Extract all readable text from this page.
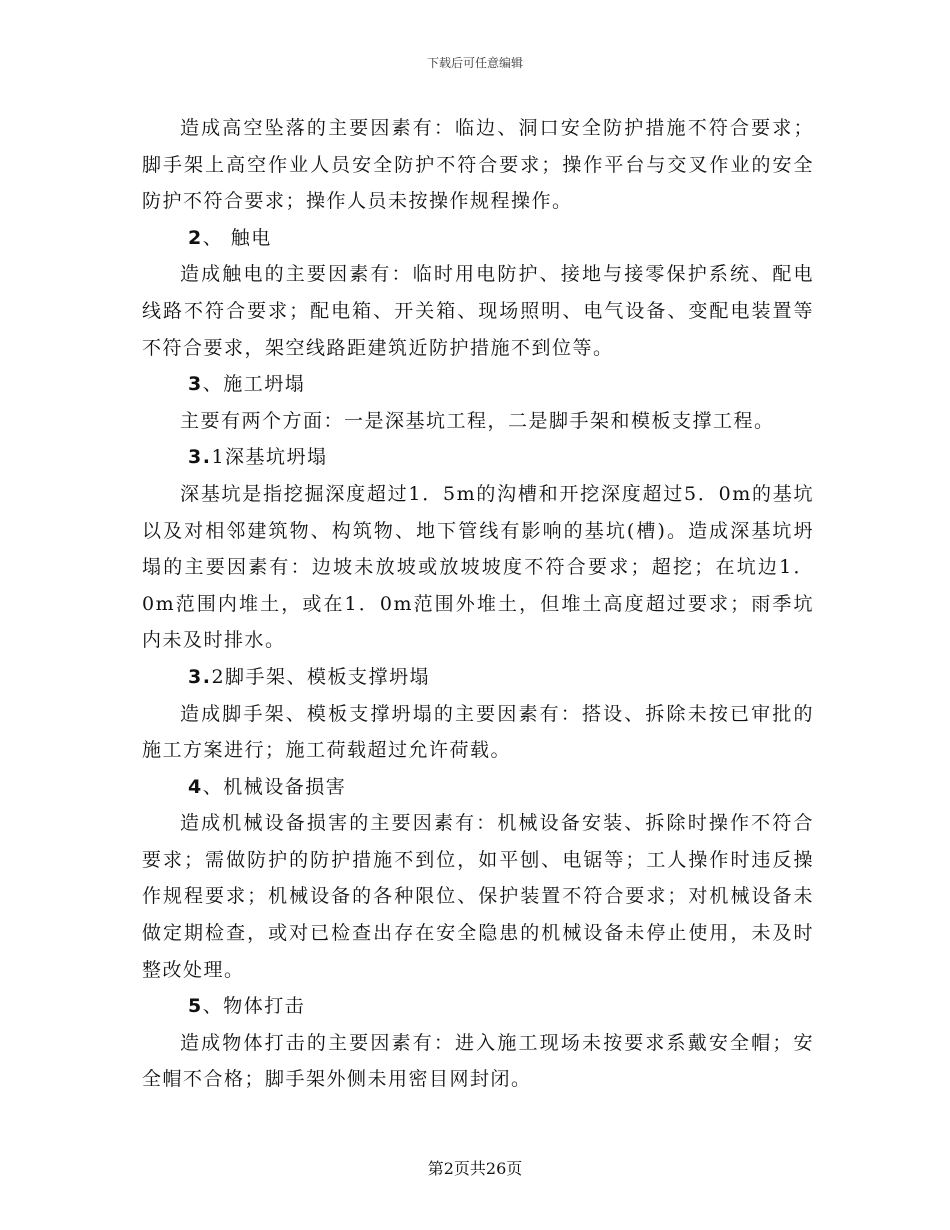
下载后可任意编辑

造成高空坠落的主要因素有：临边、洞口安全防护措施不符合要求；脚手架上高空作业人员安全防护不符合要求；操作平台与交叉作业的安全防护不符合要求；操作人员未按操作规程操作。

2、 触电

造成触电的主要因素有：临时用电防护、接地与接零保护系统、配电线路不符合要求；配电箱、开关箱、现场照明、电气设备、变配电装置等不符合要求，架空线路距建筑近防护措施不到位等。

3、施工坍塌

主要有两个方面：一是深基坑工程，二是脚手架和模板支撑工程。

3.1深基坑坍塌

深基坑是指挖掘深度超过1．5m的沟槽和开挖深度超过5．0m的基坑以及对相邻建筑物、构筑物、地下管线有影响的基坑(槽)。造成深基坑坍塌的主要因素有：边坡未放坡或放坡坡度不符合要求；超挖；在坑边1．0m范围内堆土，或在1．0m范围外堆土，但堆土高度超过要求；雨季坑内未及时排水。

3.2脚手架、模板支撑坍塌

造成脚手架、模板支撑坍塌的主要因素有：搭设、拆除未按已审批的施工方案进行；施工荷载超过允许荷载。

4、机械设备损害

造成机械设备损害的主要因素有：机械设备安装、拆除时操作不符合要求；需做防护的防护措施不到位，如平刨、电锯等；工人操作时违反操作规程要求；机械设备的各种限位、保护装置不符合要求；对机械设备未做定期检查，或对已检查出存在安全隐患的机械设备未停止使用，未及时整改处理。

5、物体打击

造成物体打击的主要因素有：进入施工现场未按要求系戴安全帽；安全帽不合格；脚手架外侧未用密目网封闭。

第2页共26页
